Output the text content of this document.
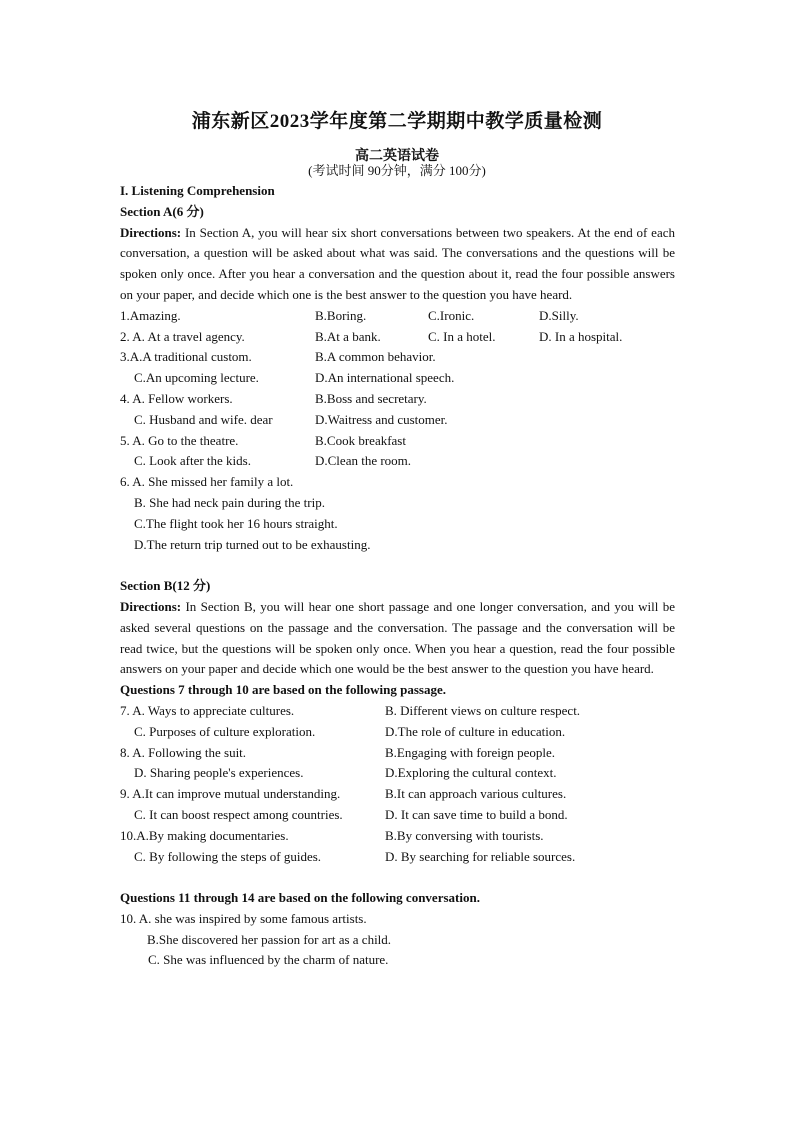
浦东新区2023学年度第二学期期中教学质量检测
高二英语试卷
(考试时间 90分钟，满分 100分)
I. Listening Comprehension
Section A(6 分)

Directions: In Section A, you will hear six short conversations between two speakers. At the end of each conversation, a question will be asked about what was said. The conversations and the questions will be spoken only once. After you hear a conversation and the question about it, read the four possible answers on your paper, and decide which one is the best answer to the question you have heard.

1.Amazing.	B.Boring.	C.Ironic.	D.Silly.
2. A. At a travel agency.	B.At a bank.	C. In a hotel.	D. In a hospital.
3.A.A traditional custom.	B.A common behavior.
C.An upcoming lecture.	D.An international speech.
4. A. Fellow workers.	B.Boss and secretary.
C. Husband and wife. dear	D.Waitress and customer.
5. A. Go to the theatre.	B.Cook breakfast
C. Look after the kids.	D.Clean the room.
6. A. She missed her family a lot.
B. She had neck pain during the trip.
C.The flight took her 16 hours straight.
D.The return trip turned out to be exhausting.
Section B(12 分)

Directions: In Section B, you will hear one short passage and one longer conversation, and you will be asked several questions on the passage and the conversation. The passage and the conversation will be read twice, but the questions will be spoken only once. When you hear a question, read the four possible answers on your paper and decide which one would be the best answer to the question you have heard.

Questions 7 through 10 are based on the following passage.
7. A. Ways to appreciate cultures.	B. Different views on culture respect.
C. Purposes of culture exploration.	D.The role of culture in education.
8. A. Following the suit.	B.Engaging with foreign people.
D. Sharing people's experiences.	D.Exploring the cultural context.
9. A.It can improve mutual understanding.	B.It can approach various cultures.
C. It can boost respect among countries.	D. It can save time to build a bond.
10.A.By making documentaries.	B.By conversing with tourists.
C. By following the steps of guides.	D. By searching for reliable sources.
Questions 11 through 14 are based on the following conversation.
10. A. she was inspired by some famous artists.
B.She discovered her passion for art as a child.
C. She was influenced by the charm of nature.
